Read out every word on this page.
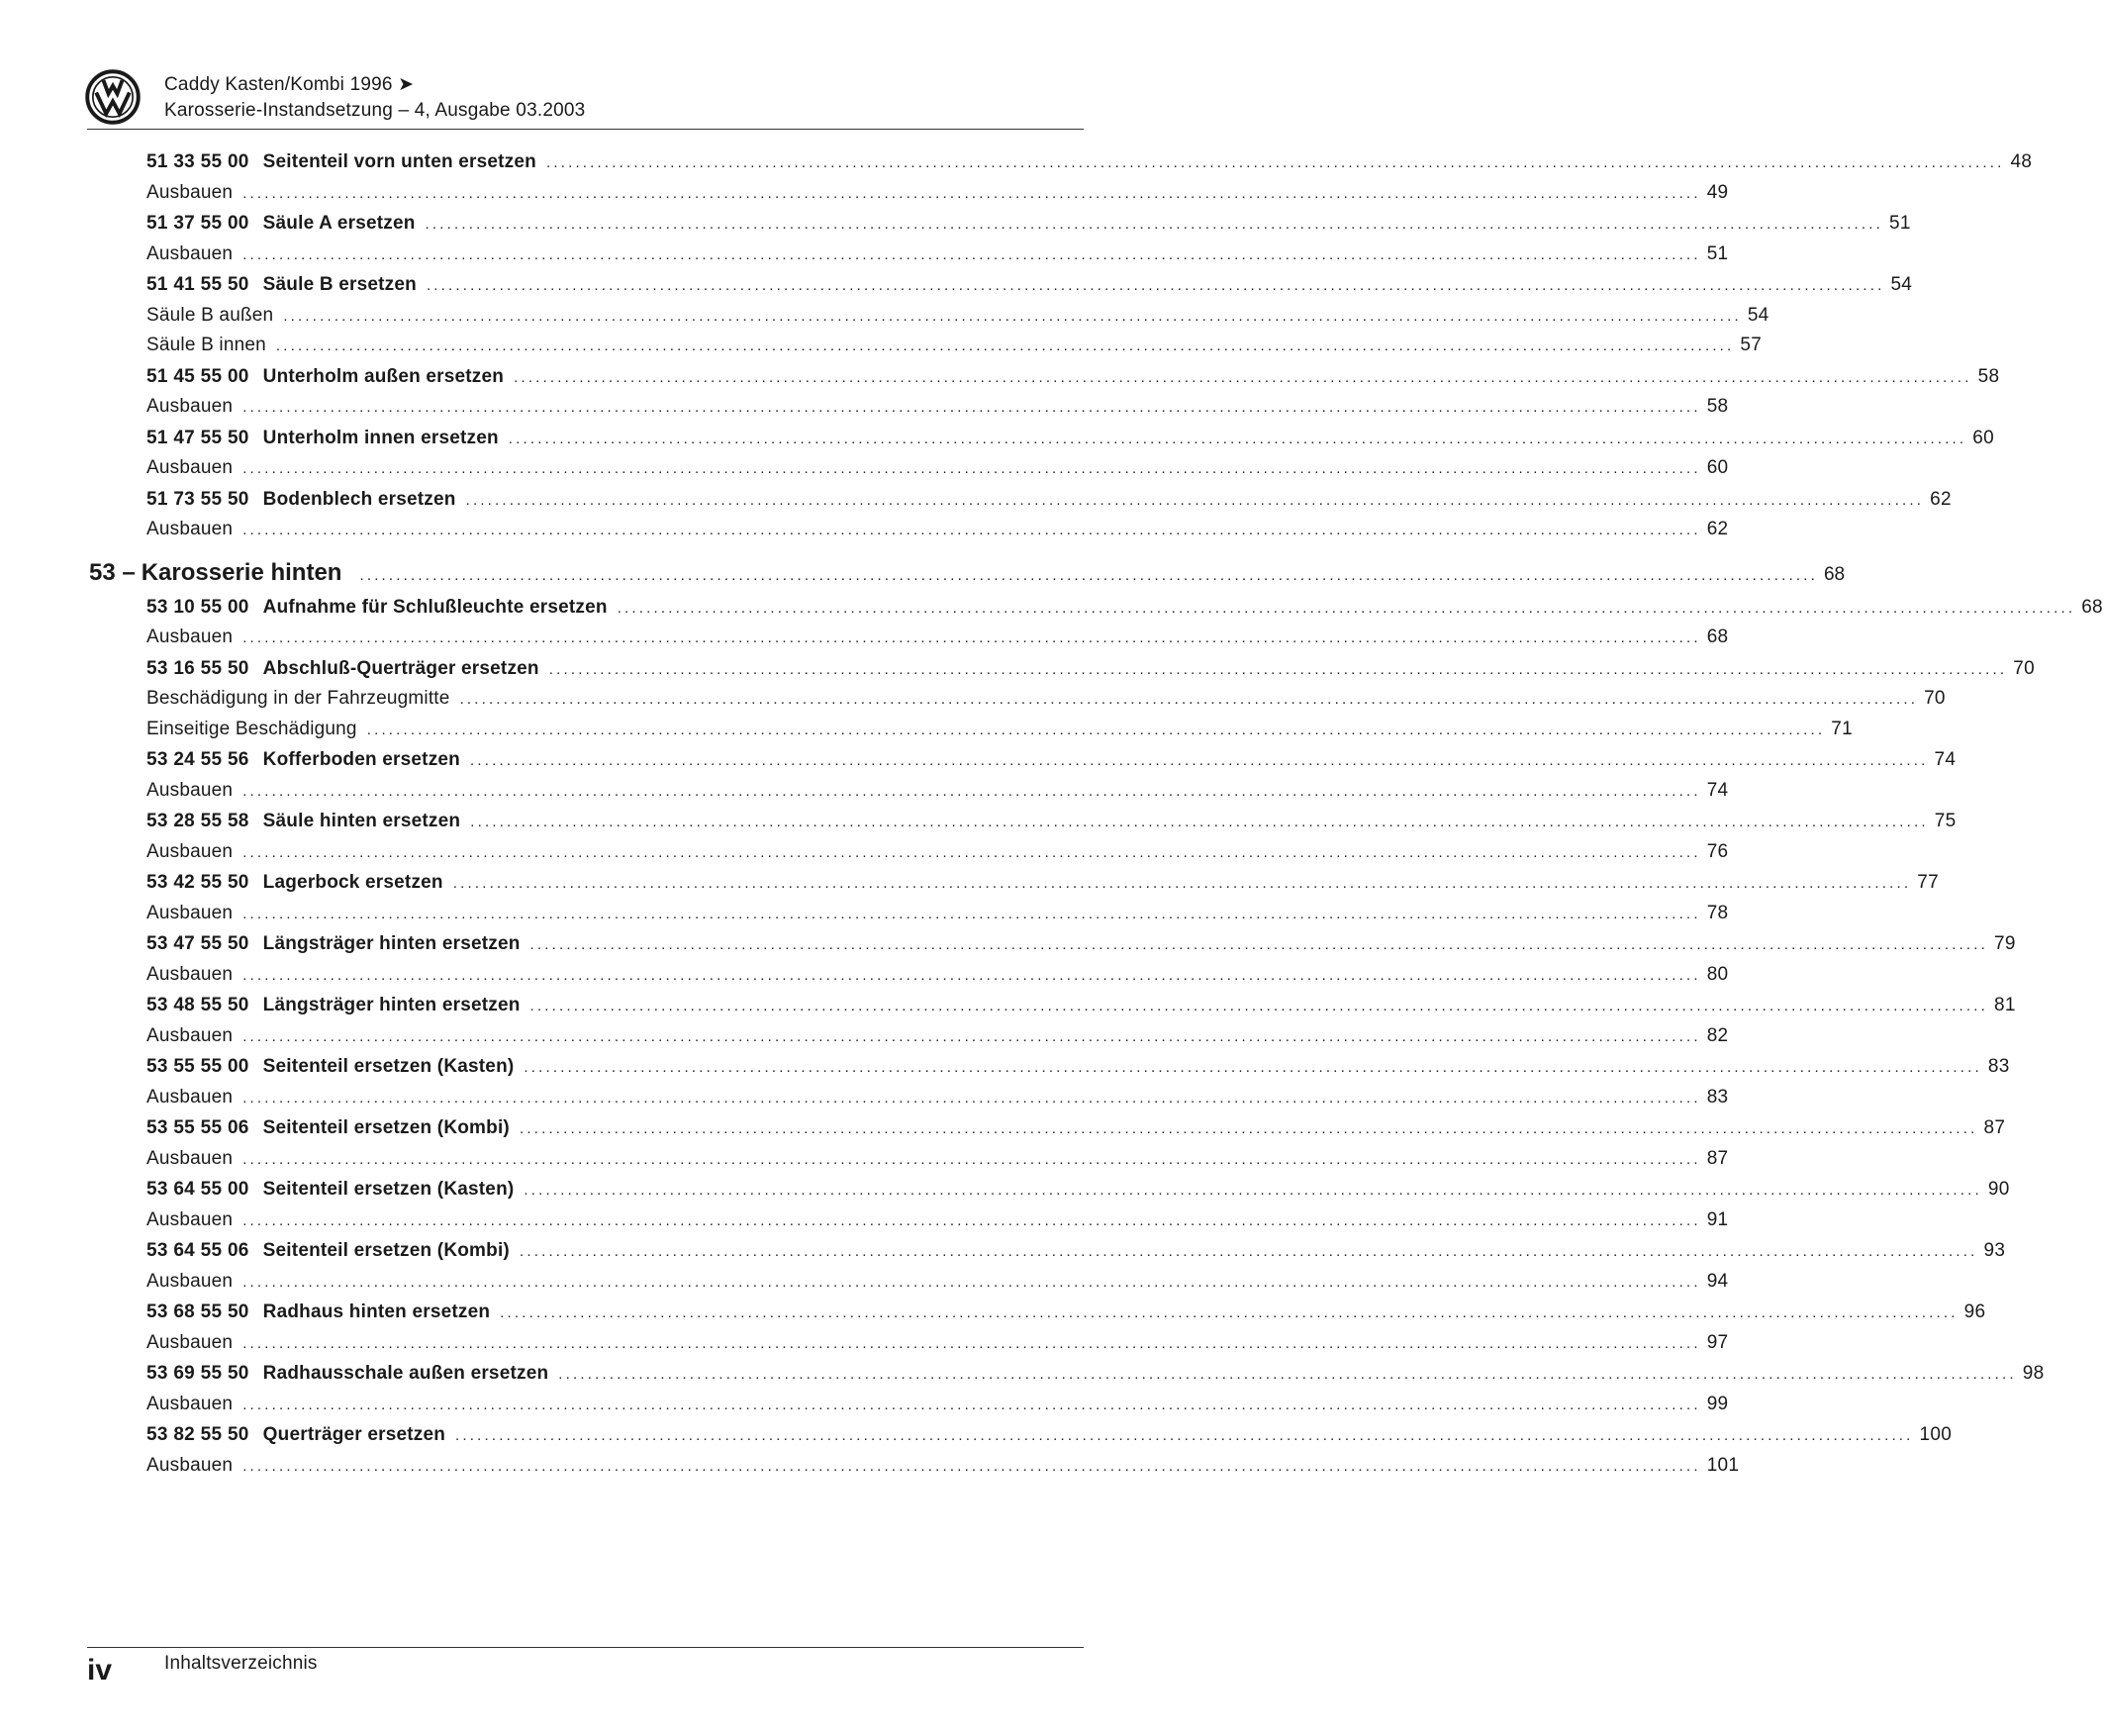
Caddy Kasten/Kombi 1996 ➤
Karosserie-Instandsetzung – 4, Ausgabe 03.2003
51 33 55 00 Seitenteil vorn unten ersetzen ........................................................................................................................................................................................................ 48
Ausbauen ........................................................................................................................................................................................................ 49
51 37 55 00 Säule A ersetzen ........................................................................................................................................................................................................ 51
Ausbauen ........................................................................................................................................................................................................ 51
51 41 55 50 Säule B ersetzen ........................................................................................................................................................................................................ 54
Säule B außen ........................................................................................................................................................................................................ 54
Säule B innen ........................................................................................................................................................................................................ 57
51 45 55 00 Unterholm außen ersetzen ........................................................................................................................................................................................................ 58
Ausbauen ........................................................................................................................................................................................................ 58
51 47 55 50 Unterholm innen ersetzen ........................................................................................................................................................................................................ 60
Ausbauen ........................................................................................................................................................................................................ 60
51 73 55 50 Bodenblech ersetzen ........................................................................................................................................................................................................ 62
Ausbauen ........................................................................................................................................................................................................ 62
53 – Karosserie hinten ........................................................................................................................................................................................................ 68
53 10 55 00 Aufnahme für Schlußleuchte ersetzen ........................................................................................................................................................................................................ 68
Ausbauen ........................................................................................................................................................................................................ 68
53 16 55 50 Abschluß-Querträger ersetzen ........................................................................................................................................................................................................ 70
Beschädigung in der Fahrzeugmitte ........................................................................................................................................................................................................ 70
Einseitige Beschädigung ........................................................................................................................................................................................................ 71
53 24 55 56 Kofferboden ersetzen ........................................................................................................................................................................................................ 74
Ausbauen ........................................................................................................................................................................................................ 74
53 28 55 58 Säule hinten ersetzen ........................................................................................................................................................................................................ 75
Ausbauen ........................................................................................................................................................................................................ 76
53 42 55 50 Lagerbock ersetzen ........................................................................................................................................................................................................ 77
Ausbauen ........................................................................................................................................................................................................ 78
53 47 55 50 Längsträger hinten ersetzen ........................................................................................................................................................................................................ 79
Ausbauen ........................................................................................................................................................................................................ 80
53 48 55 50 Längsträger hinten ersetzen ........................................................................................................................................................................................................ 81
Ausbauen ........................................................................................................................................................................................................ 82
53 55 55 00 Seitenteil ersetzen (Kasten) ........................................................................................................................................................................................................ 83
Ausbauen ........................................................................................................................................................................................................ 83
53 55 55 06 Seitenteil ersetzen (Kombi) ........................................................................................................................................................................................................ 87
Ausbauen ........................................................................................................................................................................................................ 87
53 64 55 00 Seitenteil ersetzen (Kasten) ........................................................................................................................................................................................................ 90
Ausbauen ........................................................................................................................................................................................................ 91
53 64 55 06 Seitenteil ersetzen (Kombi) ........................................................................................................................................................................................................ 93
Ausbauen ........................................................................................................................................................................................................ 94
53 68 55 50 Radhaus hinten ersetzen ........................................................................................................................................................................................................ 96
Ausbauen ........................................................................................................................................................................................................ 97
53 69 55 50 Radhausschale außen ersetzen ........................................................................................................................................................................................................ 98
Ausbauen ........................................................................................................................................................................................................ 99
53 82 55 50 Querträger ersetzen ........................................................................................................................................................................................................ 100
Ausbauen ........................................................................................................................................................................................................ 101
iv	Inhaltsverzeichnis
